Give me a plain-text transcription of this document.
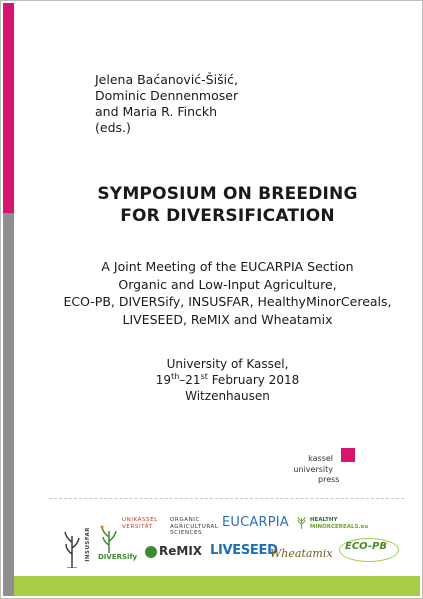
Jelena Baćanović-Šišić,
Dominic Dennenmoser
and Maria R. Finckh
(eds.)
SYMPOSIUM ON BREEDING
FOR DIVERSIFICATION
A Joint Meeting of the EUCARPIA Section
Organic and Low-Input Agriculture,
ECO-PB, DIVERSify, INSUSFAR, HealthyMinorCereals,
LIVESEED, ReMIX and Wheatamix
University of Kassel,
19th–21st February 2018
Witzenhausen
kassel
university
press
INSUSFAR DIVERSify
UNIKASSEL
VERSITÄT
ORGANIC
AGRICULTURAL
SCIENCES
EUCARPIA
	HEALTHY
MINORCEREALS.eu
ReMIX LIVESEED
Wheatamix
ECO-PB
